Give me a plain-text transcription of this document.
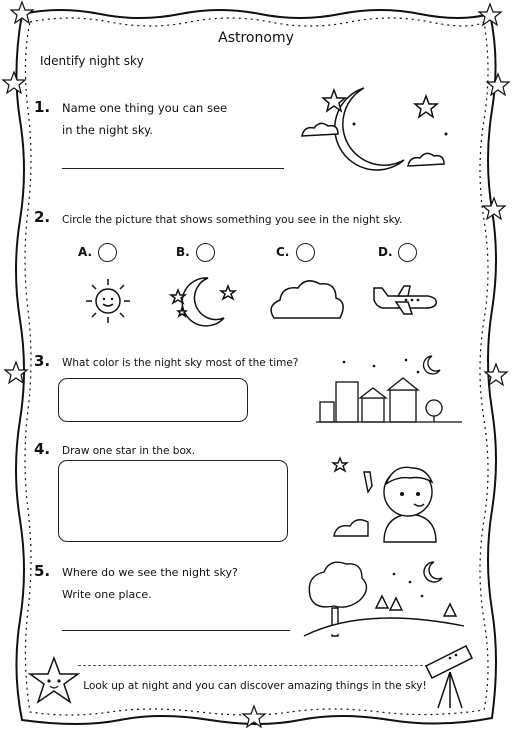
Astronomy
Identify night sky
1. Name one thing you can see
in the night sky.
2. Circle the picture that shows something you see in the night sky.
A.	B.	C.	D.
3. What color is the night sky most of the time?
4. Draw one star in the box.
5. Where do we see the night sky?
Write one place.
Look up at night and you can discover amazing things in the sky!
